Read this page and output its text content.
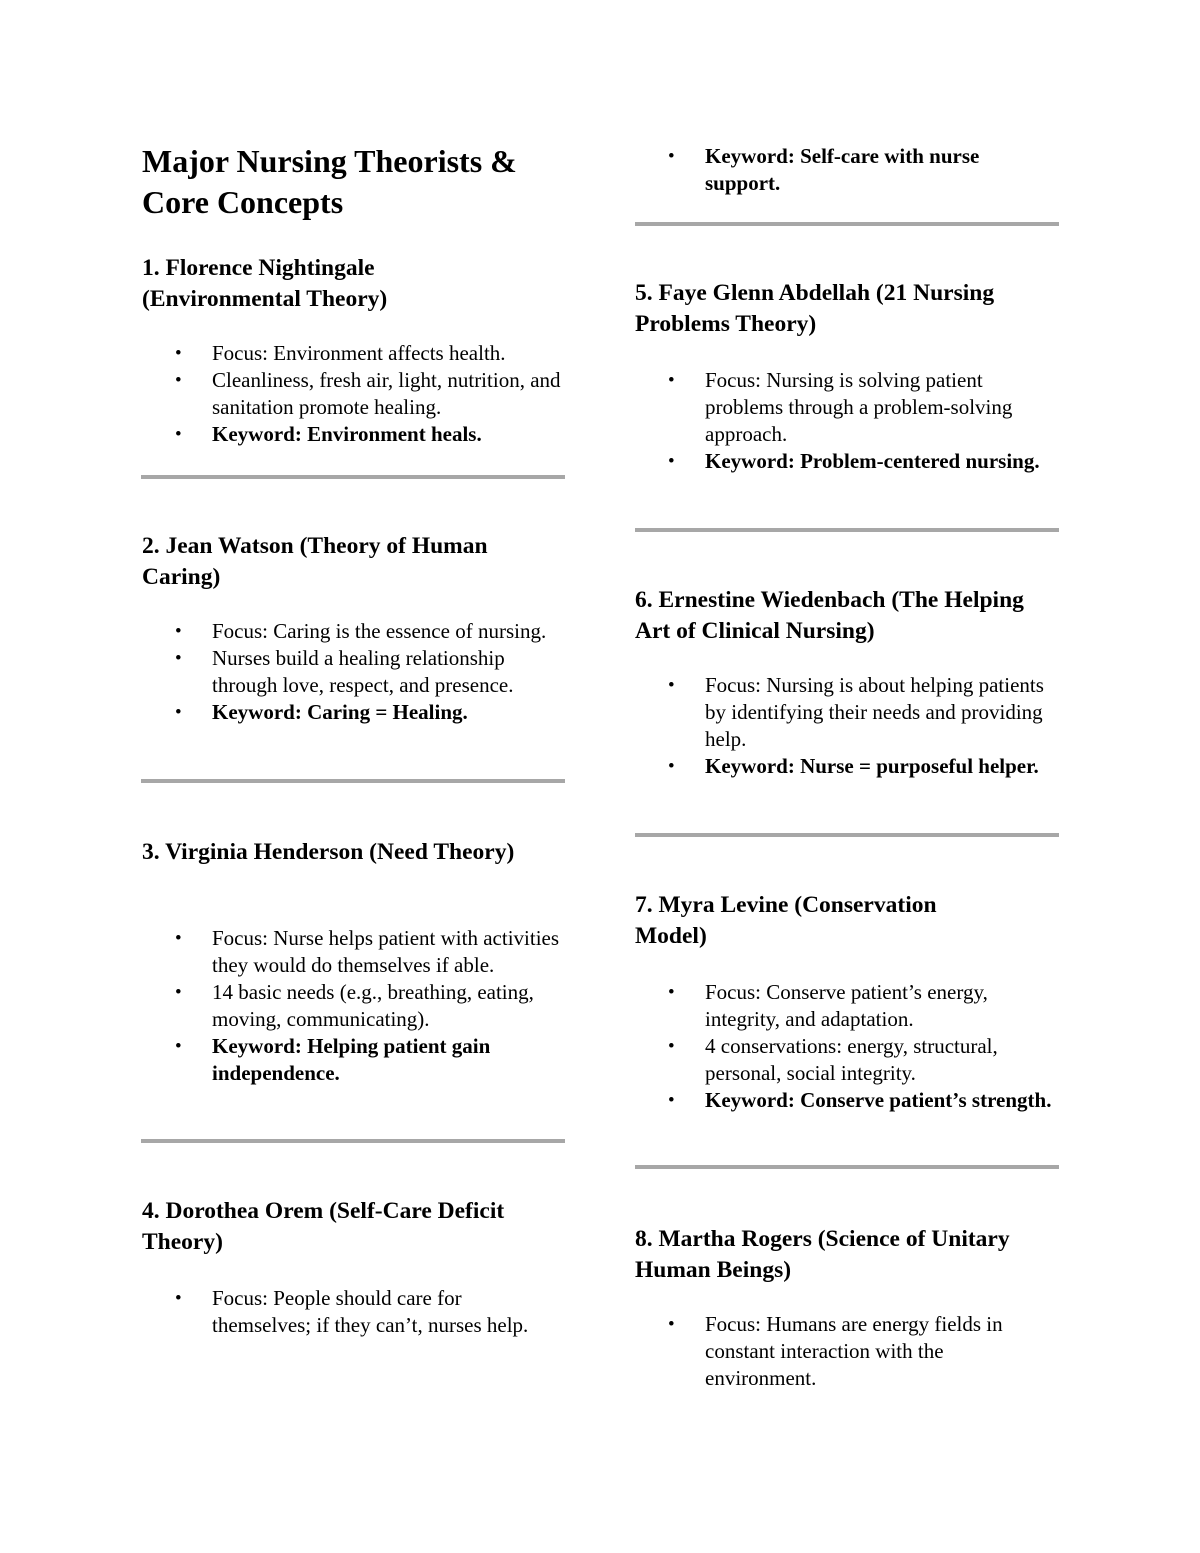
Major Nursing Theorists & Core Concepts
1. Florence Nightingale (Environmental Theory)
• Focus: Environment affects health.
• Cleanliness, fresh air, light, nutrition, and sanitation promote healing.
• Keyword: Environment heals.
2. Jean Watson (Theory of Human Caring)
• Focus: Caring is the essence of nursing.
• Nurses build a healing relationship through love, respect, and presence.
• Keyword: Caring = Healing.
3. Virginia Henderson (Need Theory)
• Focus: Nurse helps patient with activities they would do themselves if able.
• 14 basic needs (e.g., breathing, eating, moving, communicating).
• Keyword: Helping patient gain independence.
4. Dorothea Orem (Self-Care Deficit Theory)
• Focus: People should care for themselves; if they can’t, nurses help.
• Keyword: Self-care with nurse support.
5. Faye Glenn Abdellah (21 Nursing Problems Theory)
• Focus: Nursing is solving patient problems through a problem-solving approach.
• Keyword: Problem-centered nursing.
6. Ernestine Wiedenbach (The Helping Art of Clinical Nursing)
• Focus: Nursing is about helping patients by identifying their needs and providing help.
• Keyword: Nurse = purposeful helper.
7. Myra Levine (Conservation Model)
• Focus: Conserve patient’s energy, integrity, and adaptation.
• 4 conservations: energy, structural, personal, social integrity.
• Keyword: Conserve patient’s strength.
8. Martha Rogers (Science of Unitary Human Beings)
• Focus: Humans are energy fields in constant interaction with the environment.
